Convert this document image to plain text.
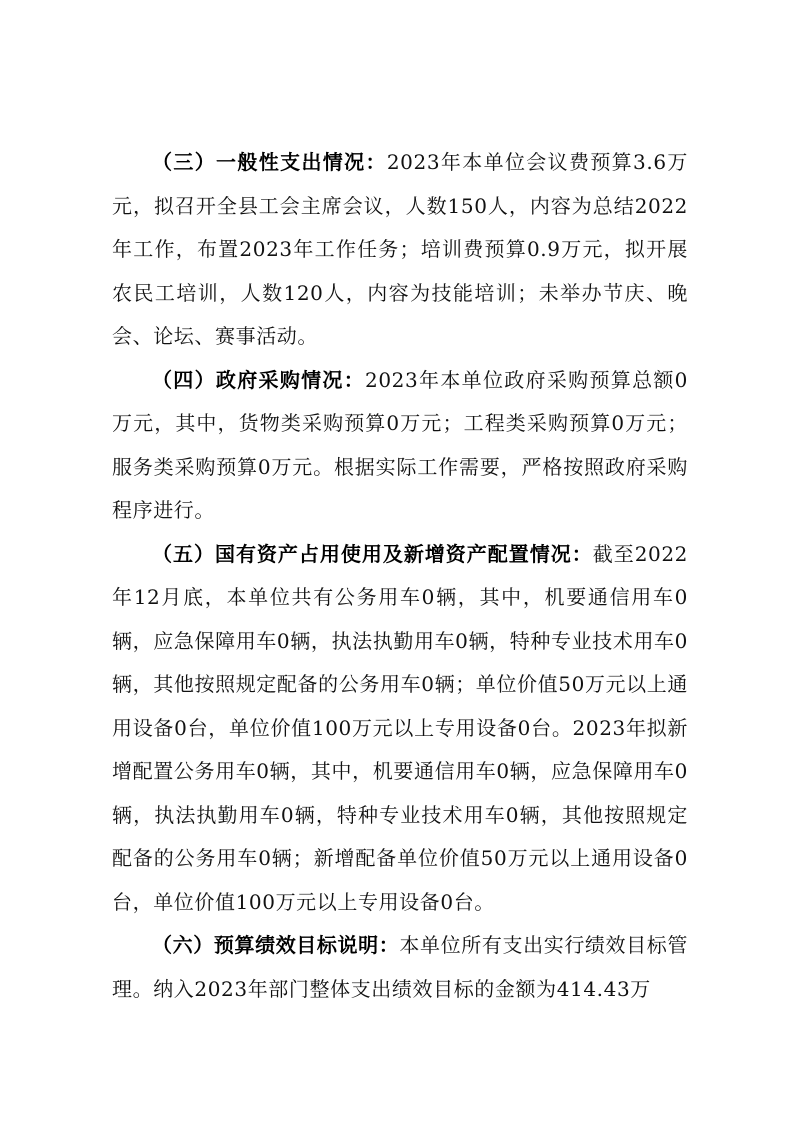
（三）一般性支出情况：2023年本单位会议费预算3.6万元，拟召开全县工会主席会议，人数150人，内容为总结2022年工作，布置2023年工作任务；培训费预算0.9万元，拟开展农民工培训，人数120人，内容为技能培训；未举办节庆、晚会、论坛、赛事活动。

（四）政府采购情况：2023年本单位政府采购预算总额0万元，其中，货物类采购预算0万元；工程类采购预算0万元；服务类采购预算0万元。根据实际工作需要，严格按照政府采购程序进行。

（五）国有资产占用使用及新增资产配置情况：截至2022年12月底，本单位共有公务用车0辆，其中，机要通信用车0辆，应急保障用车0辆，执法执勤用车0辆，特种专业技术用车0辆，其他按照规定配备的公务用车0辆；单位价值50万元以上通用设备0台，单位价值100万元以上专用设备0台。2023年拟新增配置公务用车0辆，其中，机要通信用车0辆，应急保障用车0辆，执法执勤用车0辆，特种专业技术用车0辆，其他按照规定配备的公务用车0辆；新增配备单位价值50万元以上通用设备0台，单位价值100万元以上专用设备0台。

（六）预算绩效目标说明：本单位所有支出实行绩效目标管理。纳入2023年部门整体支出绩效目标的金额为414.43万
